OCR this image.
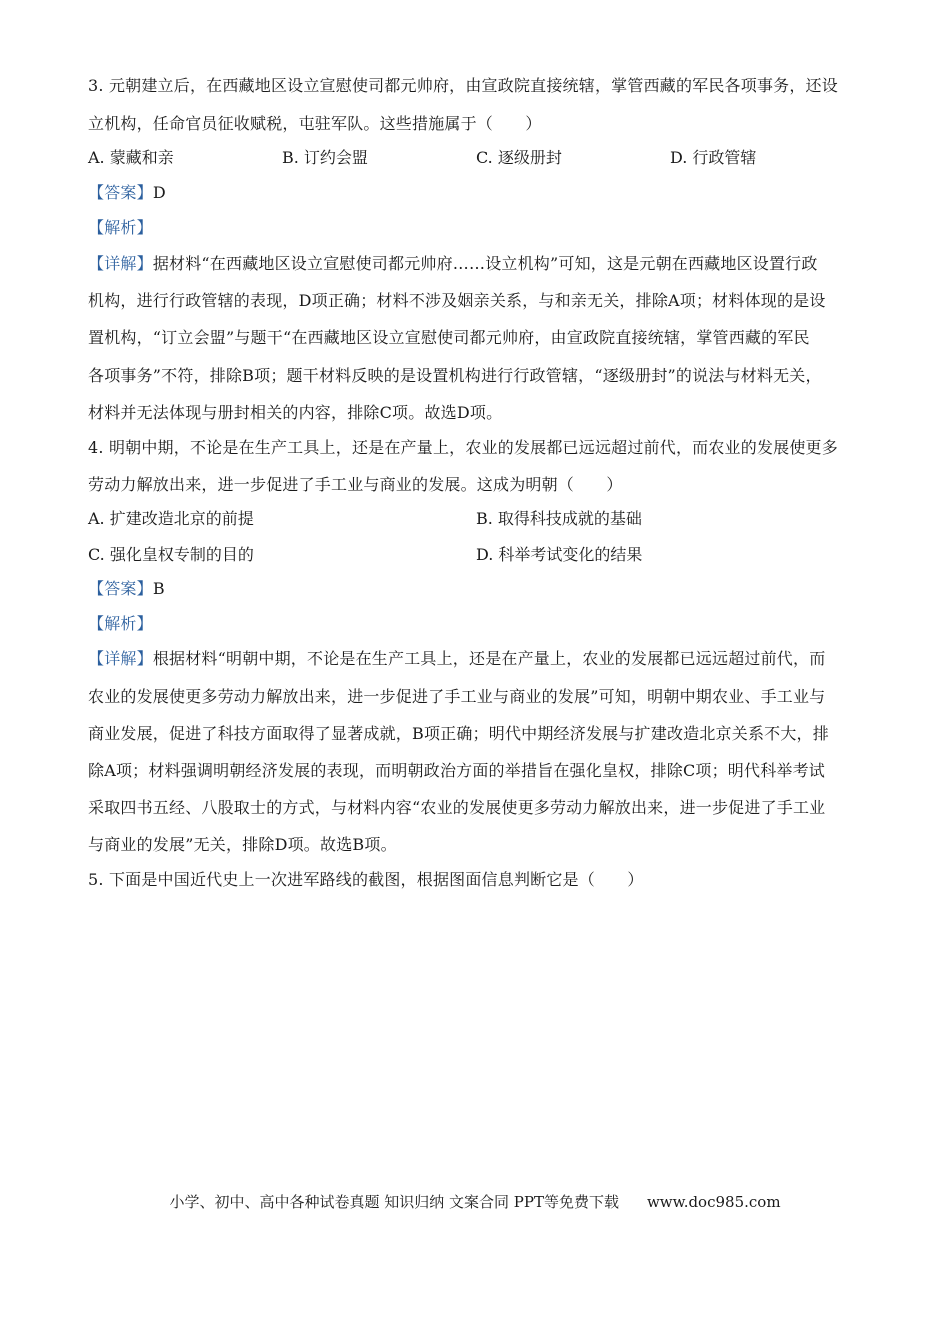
3. 元朝建立后，在西藏地区设立宣慰使司都元帅府，由宣政院直接统辖，掌管西藏的军民各项事务，还设
立机构，任命官员征收赋税，屯驻军队。这些措施属于（　　）
A. 蒙藏和亲	B. 订约会盟	C. 逐级册封	D. 行政管辖
【答案】D
【解析】
【详解】据材料“在西藏地区设立宣慰使司都元帅府……设立机构”可知，这是元朝在西藏地区设置行政
机构，进行行政管辖的表现，D项正确；材料不涉及姻亲关系，与和亲无关，排除A项；材料体现的是设
置机构，“订立会盟”与题干“在西藏地区设立宣慰使司都元帅府，由宣政院直接统辖，掌管西藏的军民
各项事务”不符，排除B项；题干材料反映的是设置机构进行行政管辖，“逐级册封”的说法与材料无关，
材料并无法体现与册封相关的内容，排除C项。故选D项。
4. 明朝中期，不论是在生产工具上，还是在产量上，农业的发展都已远远超过前代，而农业的发展使更多
劳动力解放出来，进一步促进了手工业与商业的发展。这成为明朝（　　）
A. 扩建改造北京的前提	B. 取得科技成就的基础
C. 强化皇权专制的目的	D. 科举考试变化的结果
【答案】B
【解析】
【详解】根据材料“明朝中期，不论是在生产工具上，还是在产量上，农业的发展都已远远超过前代，而
农业的发展使更多劳动力解放出来，进一步促进了手工业与商业的发展”可知，明朝中期农业、手工业与
商业发展，促进了科技方面取得了显著成就，B项正确；明代中期经济发展与扩建改造北京关系不大，排
除A项；材料强调明朝经济发展的表现，而明朝政治方面的举措旨在强化皇权，排除C项；明代科举考试
采取四书五经、八股取士的方式，与材料内容“农业的发展使更多劳动力解放出来，进一步促进了手工业
与商业的发展”无关，排除D项。故选B项。
5. 下面是中国近代史上一次进军路线的截图，根据图面信息判断它是（　　）
小学、初中、高中各种试卷真题 知识归纳 文案合同 PPT等免费下载 www.doc985.com
